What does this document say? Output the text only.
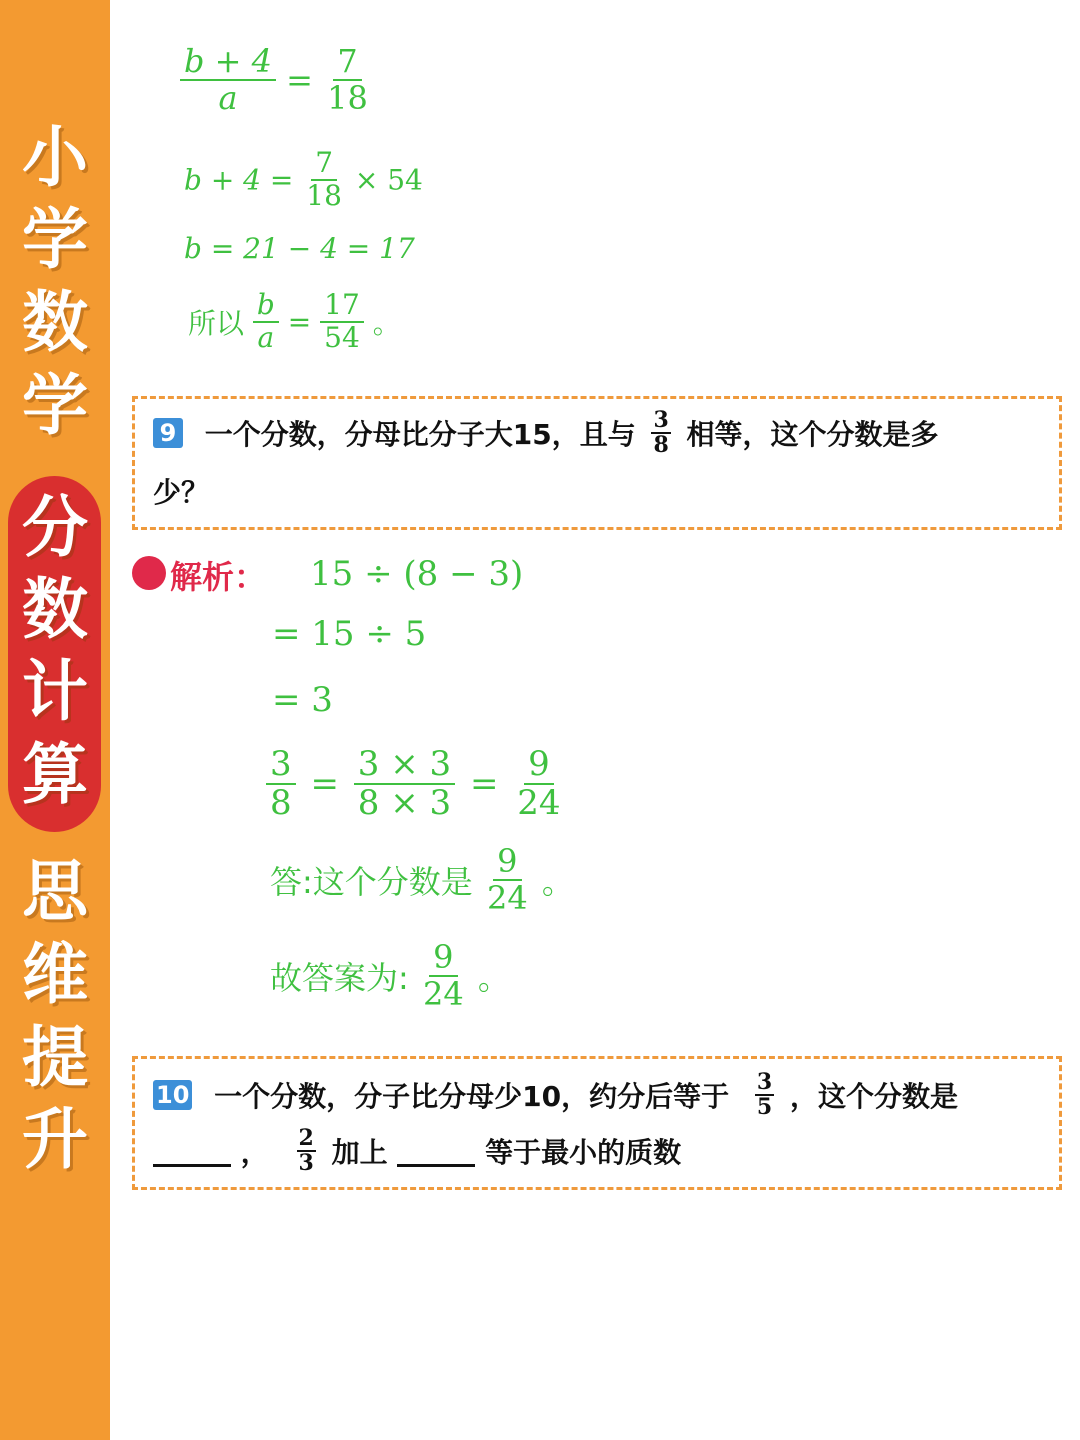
小
学
数
学
分
数
计
算
思
维
提
升
$\frac{b + 4}{a} = \frac{7}{18}$
$b + 4 = \frac{7}{18} \times 54$
b = 21 − 4 = 17
所以 $\frac{b}{a} = \frac{17}{54}$ 。
9 一个分数，分母比分子大15，且与 $\frac{3}{8}$ 相等，这个分数是多
少？
解析： 15 ÷ (8 − 3)
= 15 ÷ 5
= 3
$\frac{3}{8} = \frac{3 \times 3}{8 \times 3} = \frac{9}{24}$
答:这个分数是 $\frac{9}{24}$ 。
故答案为: $\frac{9}{24}$ 。
10 一个分数，分子比分母少10，约分后等于 $\frac{3}{5}$ ，这个分数是
， $\frac{2}{3}$ 加上	等于最小的质数
